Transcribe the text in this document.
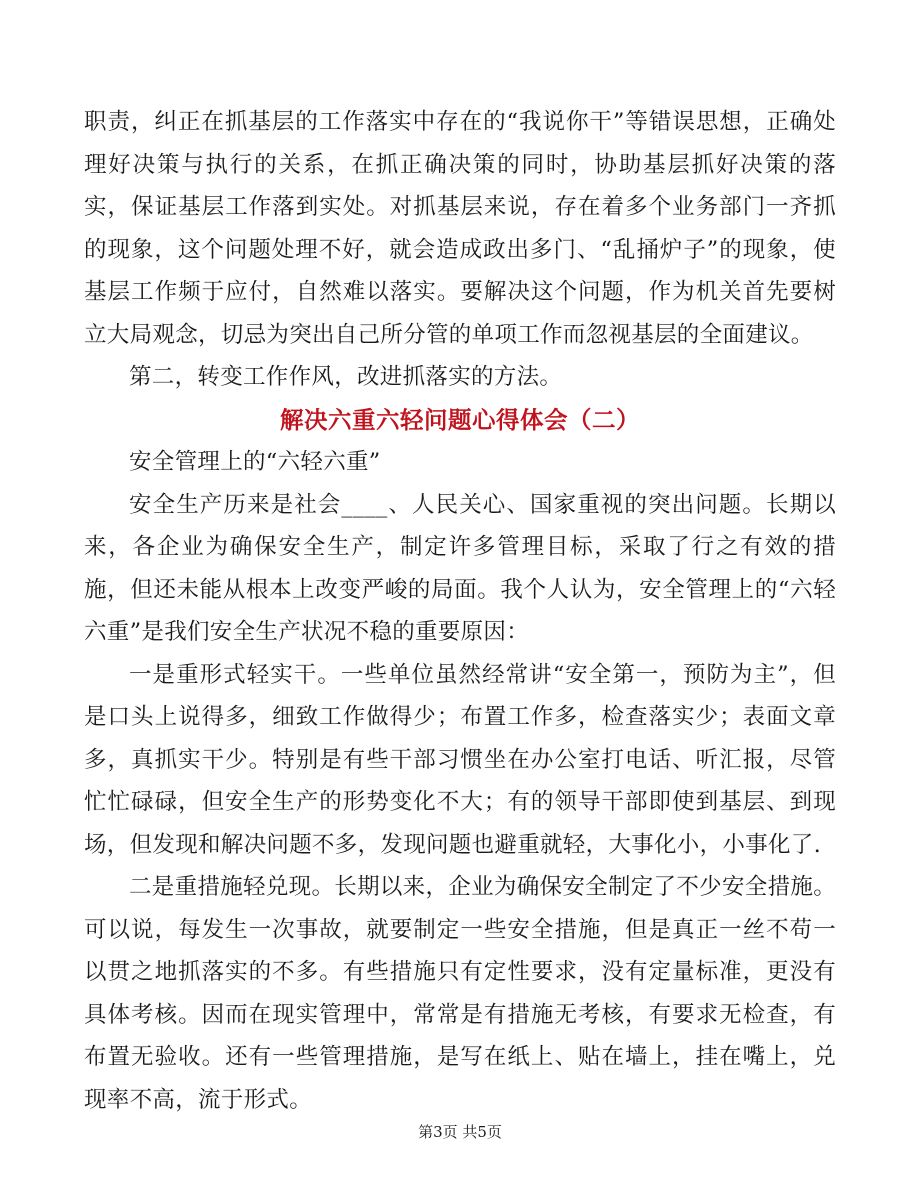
职责，纠正在抓基层的工作落实中存在的“我说你干”等错误思想，正确处理好决策与执行的关系，在抓正确决策的同时，协助基层抓好决策的落实，保证基层工作落到实处。对抓基层来说，存在着多个业务部门一齐抓的现象，这个问题处理不好，就会造成政出多门、“乱捅炉子”的现象，使基层工作频于应付，自然难以落实。要解决这个问题，作为机关首先要树立大局观念，切忌为突出自己所分管的单项工作而忽视基层的全面建议。

第二，转变工作作风，改进抓落实的方法。

解决六重六轻问题心得体会（二）

安全管理上的“六轻六重”

安全生产历来是社会____、人民关心、国家重视的突出问题。长期以来，各企业为确保安全生产，制定许多管理目标，采取了行之有效的措施，但还未能从根本上改变严峻的局面。我个人认为，安全管理上的“六轻六重”是我们安全生产状况不稳的重要原因：

一是重形式轻实干。一些单位虽然经常讲“安全第一，预防为主”，但是口头上说得多，细致工作做得少；布置工作多，检查落实少；表面文章多，真抓实干少。特别是有些干部习惯坐在办公室打电话、听汇报，尽管忙忙碌碌，但安全生产的形势变化不大；有的领导干部即使到基层、到现场，但发现和解决问题不多，发现问题也避重就轻，大事化小，小事化了.

二是重措施轻兑现。长期以来，企业为确保安全制定了不少安全措施。可以说，每发生一次事故，就要制定一些安全措施，但是真正一丝不苟一以贯之地抓落实的不多。有些措施只有定性要求，没有定量标准，更没有具体考核。因而在现实管理中，常常是有措施无考核，有要求无检查，有布置无验收。还有一些管理措施，是写在纸上、贴在墙上，挂在嘴上，兑现率不高，流于形式。

第3页 共5页
